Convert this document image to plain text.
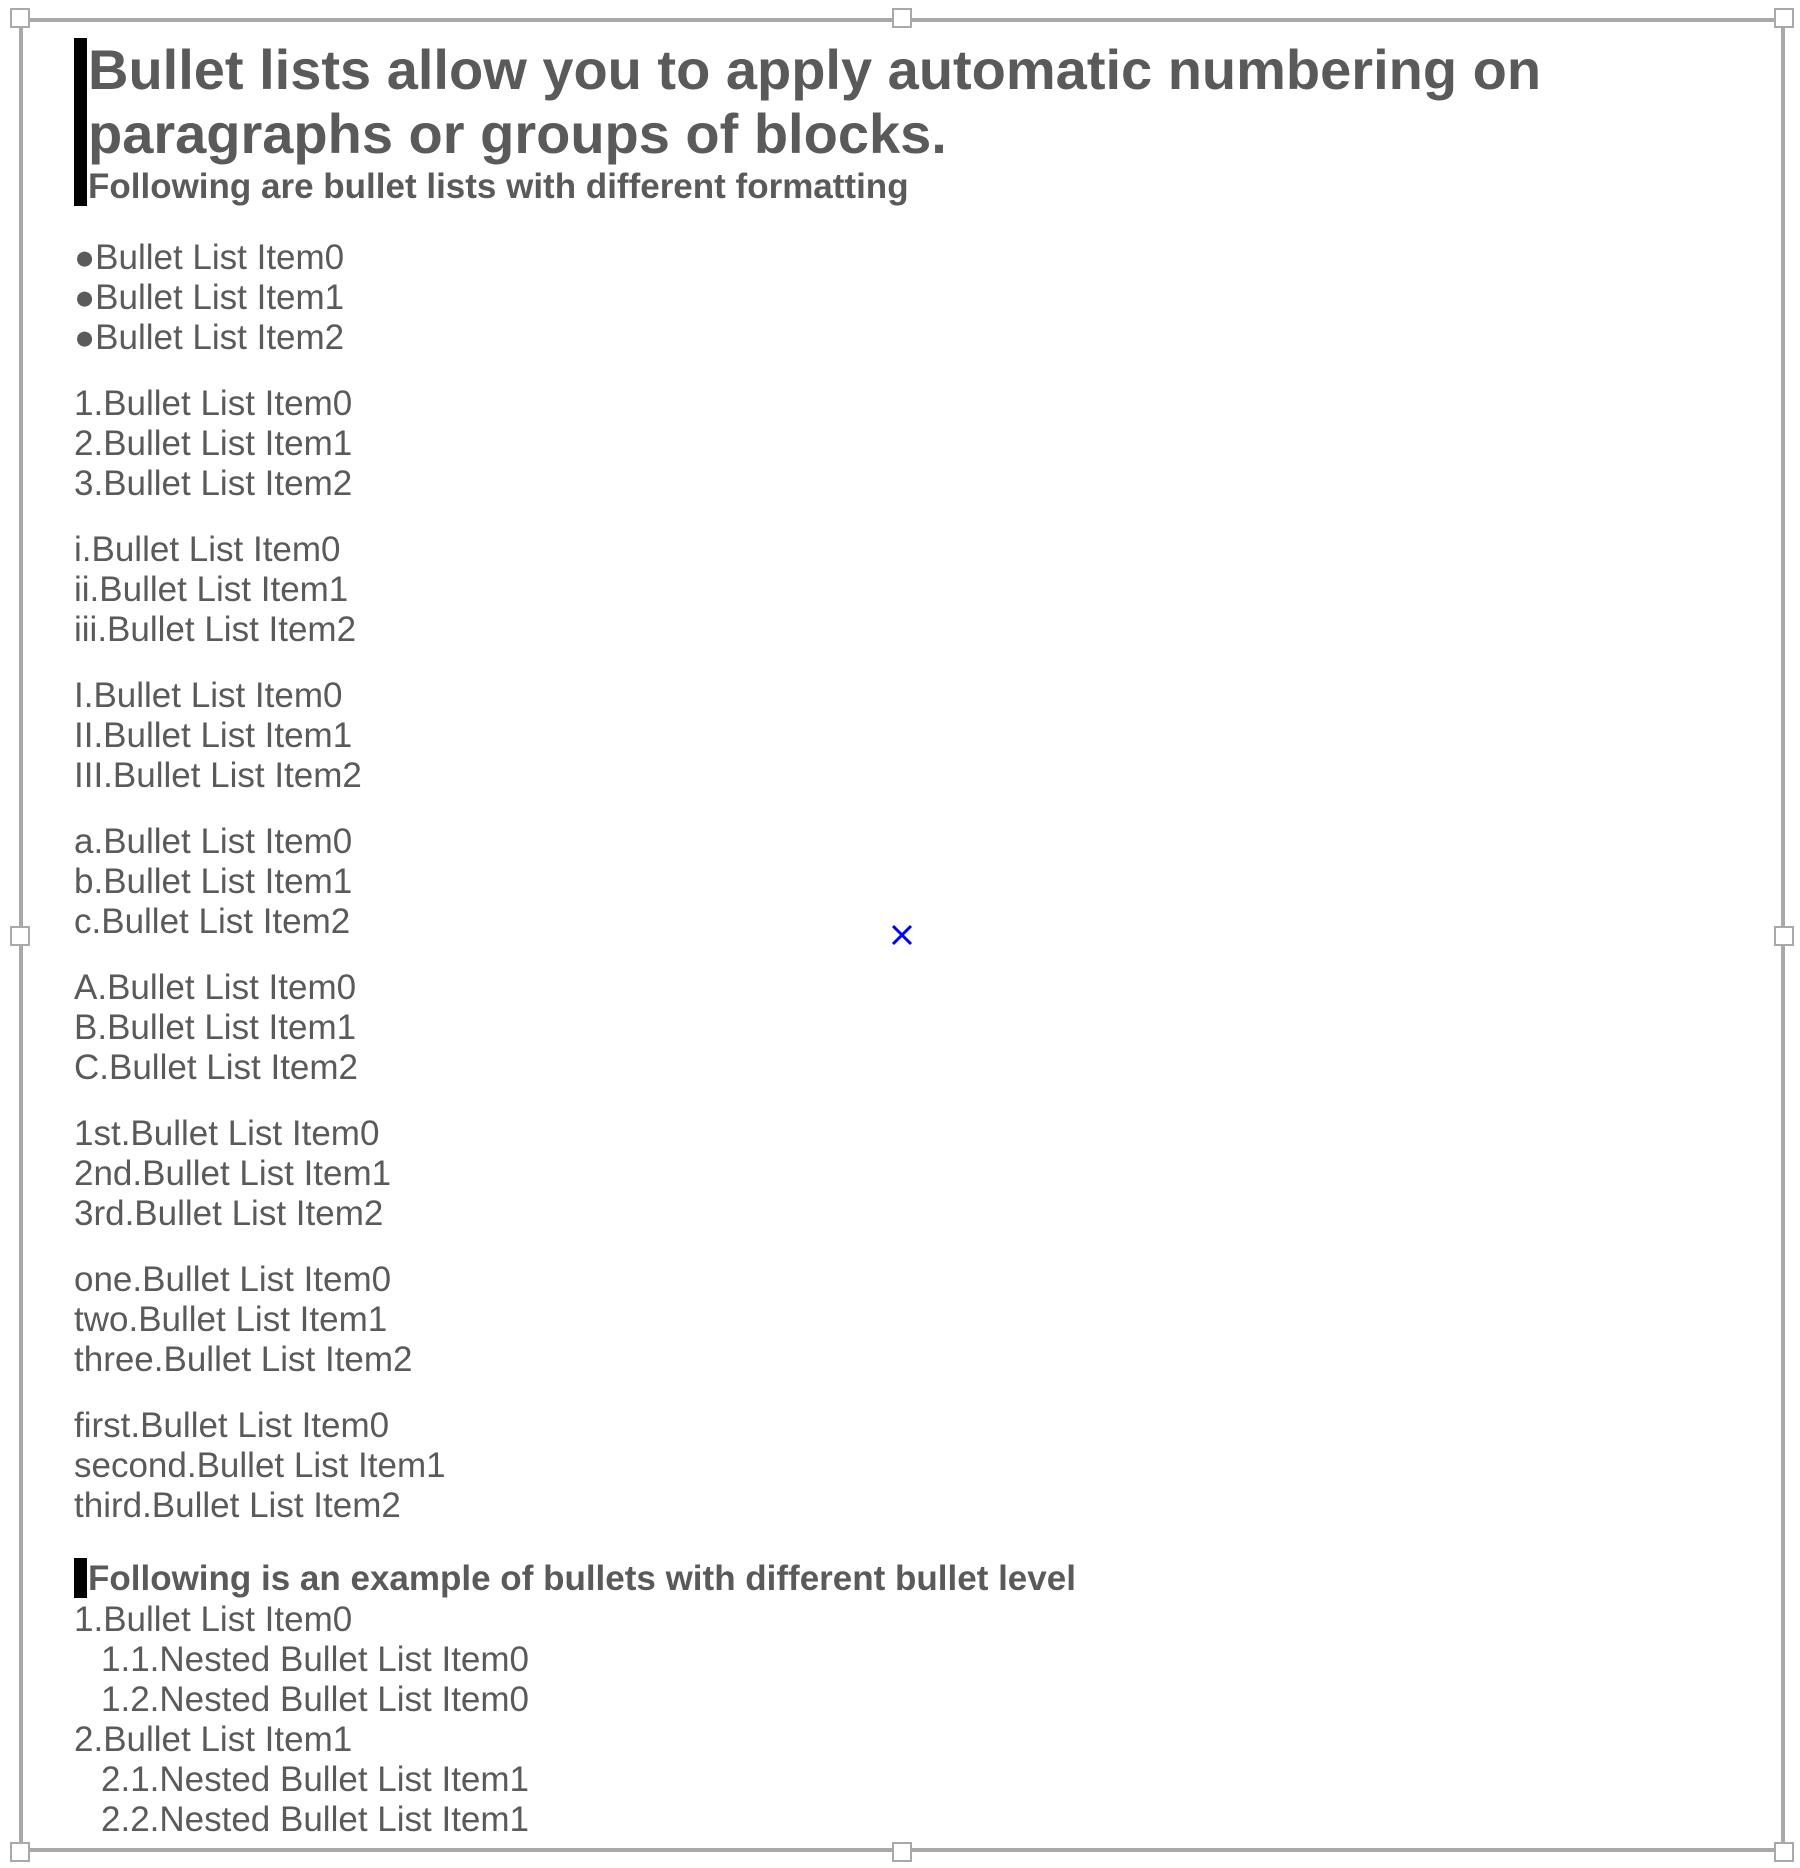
Bullet lists allow you to apply automatic numbering on paragraphs or groups of blocks.

Following are bullet lists with different formatting

●Bullet List Item0
●Bullet List Item1
●Bullet List Item2
1.Bullet List Item0
2.Bullet List Item1
3.Bullet List Item2
i.Bullet List Item0
ii.Bullet List Item1
iii.Bullet List Item2
I.Bullet List Item0
II.Bullet List Item1
III.Bullet List Item2
a.Bullet List Item0
b.Bullet List Item1
c.Bullet List Item2
A.Bullet List Item0
B.Bullet List Item1
C.Bullet List Item2
1st.Bullet List Item0
2nd.Bullet List Item1
3rd.Bullet List Item2
one.Bullet List Item0
two.Bullet List Item1
three.Bullet List Item2
first.Bullet List Item0
second.Bullet List Item1
third.Bullet List Item2

Following is an example of bullets with different bullet level

1.Bullet List Item0
1.1.Nested Bullet List Item0
1.2.Nested Bullet List Item0
2.Bullet List Item1
2.1.Nested Bullet List Item1
2.2.Nested Bullet List Item1
